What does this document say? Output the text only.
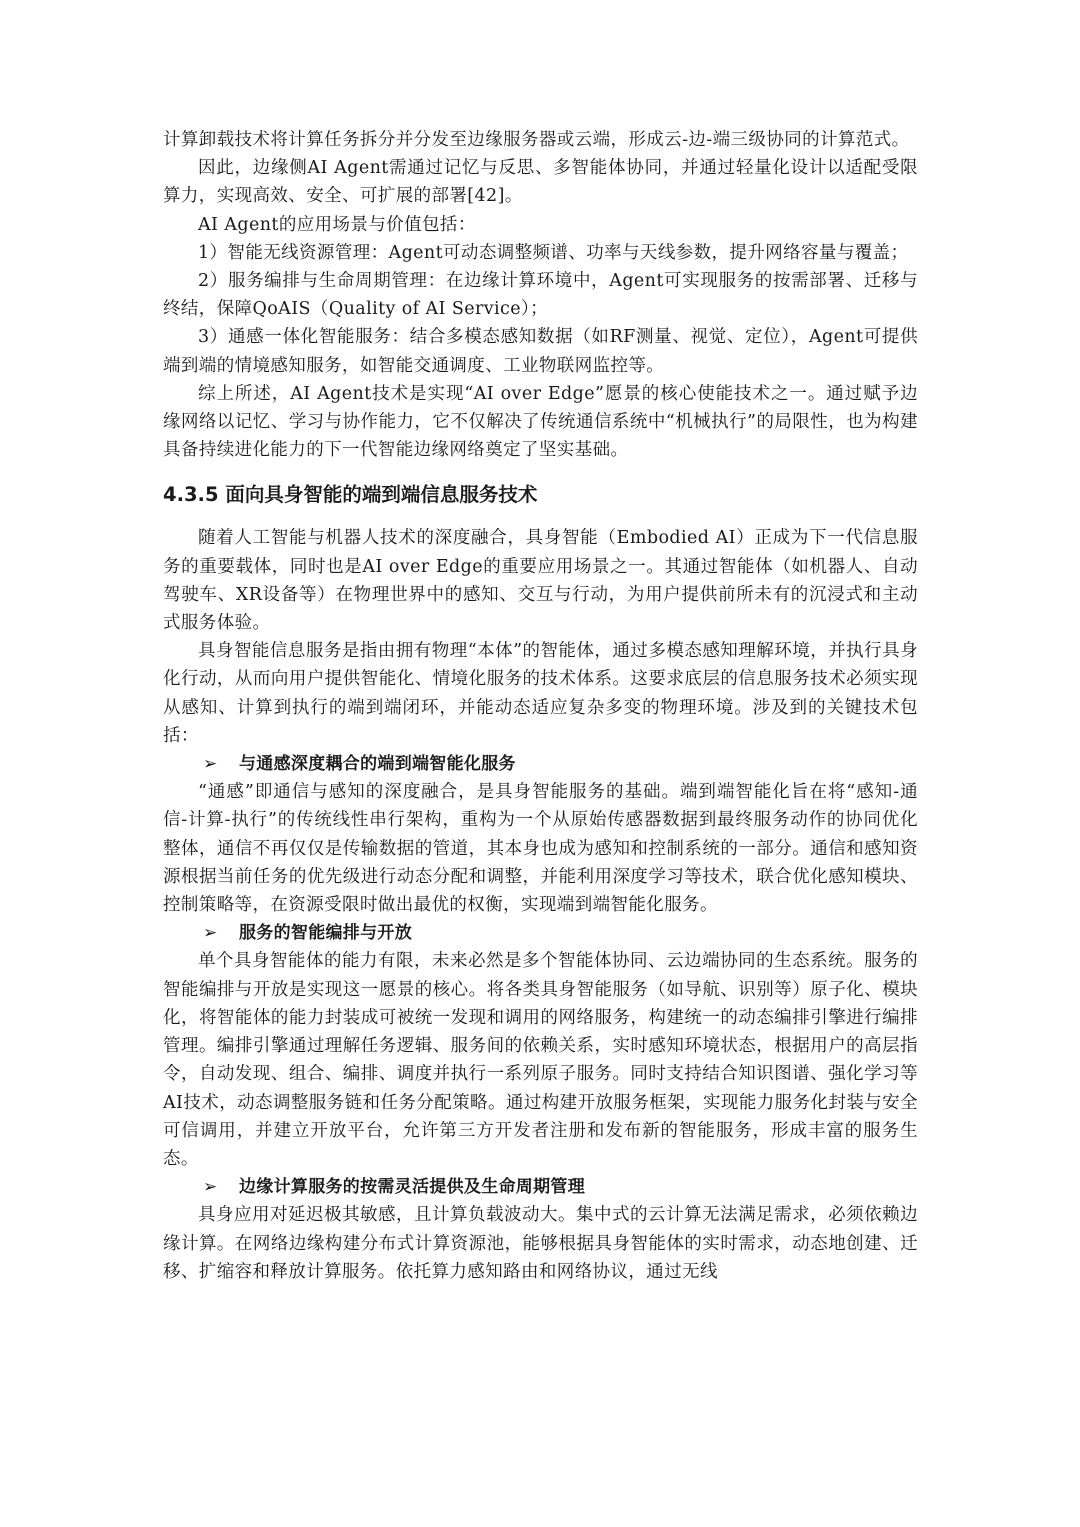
计算卸载技术将计算任务拆分并分发至边缘服务器或云端，形成云-边-端三级协同的计算范式。

因此，边缘侧AI Agent需通过记忆与反思、多智能体协同，并通过轻量化设计以适配受限算力，实现高效、安全、可扩展的部署[42]。

AI Agent的应用场景与价值包括：

1）智能无线资源管理：Agent可动态调整频谱、功率与天线参数，提升网络容量与覆盖；

2）服务编排与生命周期管理：在边缘计算环境中，Agent可实现服务的按需部署、迁移与终结，保障QoAIS（Quality of AI Service）；

3）通感一体化智能服务：结合多模态感知数据（如RF测量、视觉、定位），Agent可提供端到端的情境感知服务，如智能交通调度、工业物联网监控等。

综上所述，AI Agent技术是实现“AI over Edge”愿景的核心使能技术之一。通过赋予边缘网络以记忆、学习与协作能力，它不仅解决了传统通信系统中“机械执行”的局限性，也为构建具备持续进化能力的下一代智能边缘网络奠定了坚实基础。

4.3.5 面向具身智能的端到端信息服务技术

随着人工智能与机器人技术的深度融合，具身智能（Embodied AI）正成为下一代信息服务的重要载体，同时也是AI over Edge的重要应用场景之一。其通过智能体（如机器人、自动驾驶车、XR设备等）在物理世界中的感知、交互与行动，为用户提供前所未有的沉浸式和主动式服务体验。

具身智能信息服务是指由拥有物理“本体”的智能体，通过多模态感知理解环境，并执行具身化行动，从而向用户提供智能化、情境化服务的技术体系。这要求底层的信息服务技术必须实现从感知、计算到执行的端到端闭环，并能动态适应复杂多变的物理环境。涉及到的关键技术包括：

➢ 与通感深度耦合的端到端智能化服务

“通感”即通信与感知的深度融合，是具身智能服务的基础。端到端智能化旨在将“感知-通信-计算-执行”的传统线性串行架构，重构为一个从原始传感器数据到最终服务动作的协同优化整体，通信不再仅仅是传输数据的管道，其本身也成为感知和控制系统的一部分。通信和感知资源根据当前任务的优先级进行动态分配和调整，并能利用深度学习等技术，联合优化感知模块、控制策略等，在资源受限时做出最优的权衡，实现端到端智能化服务。

➢ 服务的智能编排与开放

单个具身智能体的能力有限，未来必然是多个智能体协同、云边端协同的生态系统。服务的智能编排与开放是实现这一愿景的核心。将各类具身智能服务（如导航、识别等）原子化、模块化，将智能体的能力封装成可被统一发现和调用的网络服务，构建统一的动态编排引擎进行编排管理。编排引擎通过理解任务逻辑、服务间的依赖关系，实时感知环境状态，根据用户的高层指令，自动发现、组合、编排、调度并执行一系列原子服务。同时支持结合知识图谱、强化学习等AI技术，动态调整服务链和任务分配策略。通过构建开放服务框架，实现能力服务化封装与安全可信调用，并建立开放平台，允许第三方开发者注册和发布新的智能服务，形成丰富的服务生态。

➢ 边缘计算服务的按需灵活提供及生命周期管理

具身应用对延迟极其敏感，且计算负载波动大。集中式的云计算无法满足需求，必须依赖边缘计算。在网络边缘构建分布式计算资源池，能够根据具身智能体的实时需求，动态地创建、迁移、扩缩容和释放计算服务。依托算力感知路由和网络协议，通过无线
